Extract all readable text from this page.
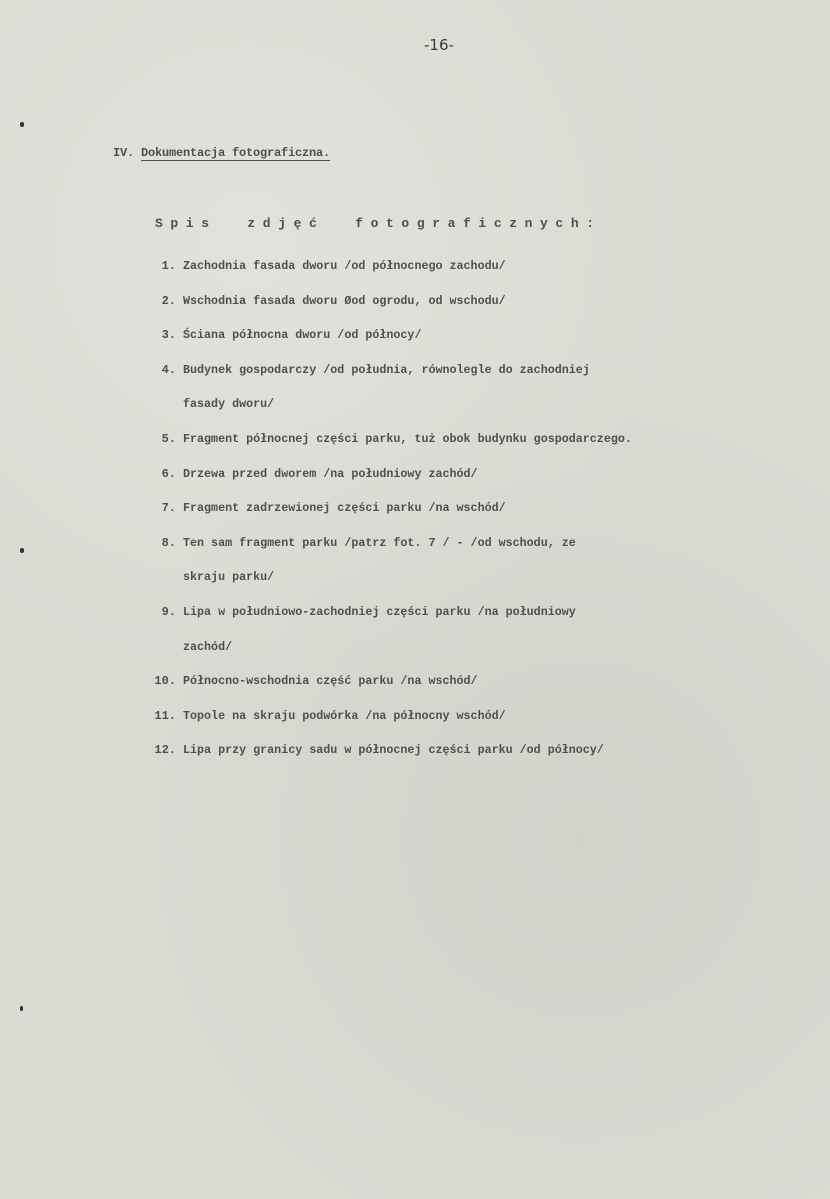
-16-
IV. Dokumentacja fotograficzna.
Spis  zdjęć  fotograficznych:
1. Zachodnia fasada dworu /od północnego zachodu/
2. Wschodnia fasada dworu Øod ogrodu, od wschodu/
3. Ściana północna dworu /od północy/
4. Budynek gospodarczy /od południa, równolegle do zachodniej
fasady dworu/
5. Fragment północnej części parku, tuż obok budynku gospodarczego.
6. Drzewa przed dworem /na południowy zachód/
7. Fragment zadrzewionej części parku /na wschód/
8. Ten sam fragment parku /patrz fot. 7 / - /od wschodu, ze
skraju parku/
9. Lipa w południowo-zachodniej części parku /na południowy
zachód/
10. Północno-wschodnia część parku /na wschód/
11. Topole na skraju podwórka /na północny wschód/
12. Lipa przy granicy sadu w północnej części parku /od północy/
